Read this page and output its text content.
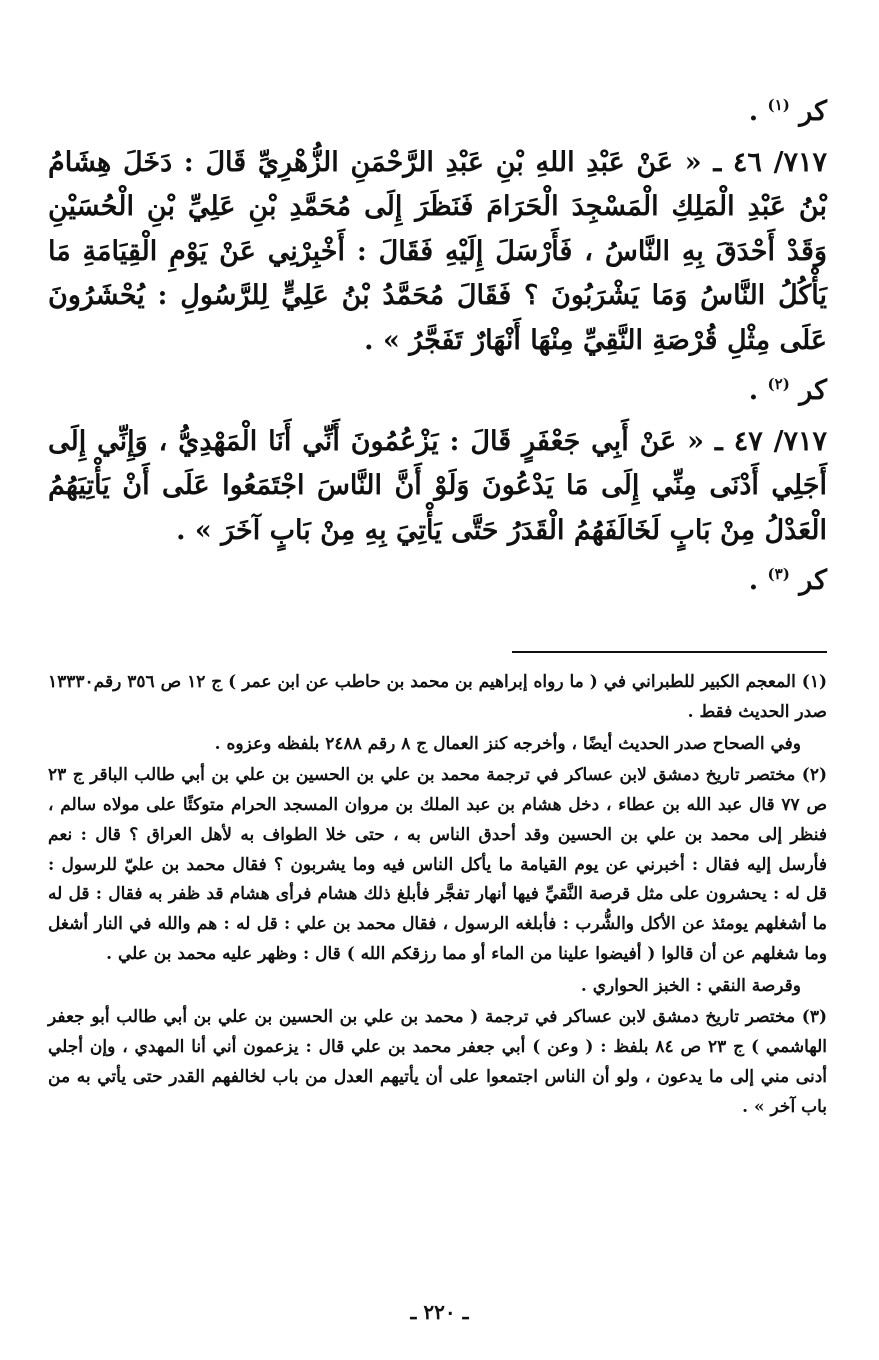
كر $^{(١)}$ .

٧١٧/ ٤٦ ـ « عَنْ عَبْدِ اللهِ بْنِ عَبْدِ الرَّحْمَنِ الزُّهْرِيِّ قَالَ : دَخَلَ هِشَامُ بْنُ عَبْدِ الْمَلِكِ الْمَسْجِدَ الْحَرَامَ فَنَظَرَ إِلَى مُحَمَّدِ بْنِ عَلِيِّ بْنِ الْحُسَيْنِ وَقَدْ أَحْدَقَ بِهِ النَّاسُ ، فَأَرْسَلَ إِلَيْهِ فَقَالَ : أَخْبِرْنِي عَنْ يَوْمِ الْقِيَامَةِ مَا يَأْكُلُ النَّاسُ وَمَا يَشْرَبُونَ ؟ فَقَالَ مُحَمَّدُ بْنُ عَلِيٍّ لِلرَّسُولِ : يُحْشَرُونَ عَلَى مِثْلِ قُرْصَةِ النَّقِيِّ مِنْهَا أَنْهَارٌ تَفَجَّرُ » .

كر $^{(٢)}$ .

٧١٧/ ٤٧ ـ « عَنْ أَبِي جَعْفَرٍ قَالَ : يَزْعُمُونَ أَنِّي أَنَا الْمَهْدِيُّ ، وَإِنِّي إِلَى أَجَلِي أَدْنَى مِنِّي إِلَى مَا يَدْعُونَ وَلَوْ أَنَّ النَّاسَ اجْتَمَعُوا عَلَى أَنْ يَأْتِيَهُمُ الْعَدْلُ مِنْ بَابٍ لَخَالَفَهُمُ الْقَدَرُ حَتَّى يَأْتِيَ بِهِ مِنْ بَابٍ آخَرَ » .

كر $^{(٣)}$ .

(١) المعجم الكبير للطبراني في ( ما رواه إبراهيم بن محمد بن حاطب عن ابن عمر ) ج ١٢ ص ٣٥٦ رقم١٣٣٣٠ صدر الحديث فقط .

وفي الصحاح صدر الحديث أيضًا ، وأخرجه كنز العمال ج ٨ رقم ٢٤٨٨ بلفظه وعزوه .

(٢) مختصر تاريخ دمشق لابن عساكر في ترجمة محمد بن علي بن الحسين بن علي بن أبي طالب الباقر ج ٢٣ ص ٧٧ قال عبد الله بن عطاء ، دخل هشام بن عبد الملك بن مروان المسجد الحرام متوكئًا على مولاه سالم ، فنظر إلى محمد بن علي بن الحسين وقد أحدق الناس به ، حتى خلا الطواف به لأهل العراق ؟ قال : نعم فأرسل إليه فقال : أخبرني عن يوم القيامة ما يأكل الناس فيه وما يشربون ؟ فقال محمد بن عليّ للرسول : قل له : يحشرون على مثل قرصة النَّقيِّ فيها أنهار تفجَّر فأبلغ ذلك هشام فرأى هشام قد ظفر به فقال : قل له ما أشغلهم يومئذ عن الأكل والشُّرب : فأبلغه الرسول ، فقال محمد بن علي : قل له : هم والله في النار أشغل وما شغلهم عن أن قالوا ( أفيضوا علينا من الماء أو مما رزقكم الله ) قال : وظهر عليه محمد بن علي .

وقرصة النقي : الخبز الحواري .

(٣) مختصر تاريخ دمشق لابن عساكر في ترجمة ( محمد بن علي بن الحسين بن علي بن أبي طالب أبو جعفر الهاشمي ) ج ٢٣ ص ٨٤ بلفظ : ( وعن ) أبي جعفر محمد بن علي قال : يزعمون أني أنا المهدي ، وإن أجلي أدنى مني إلى ما يدعون ، ولو أن الناس اجتمعوا على أن يأتيهم العدل من باب لخالفهم القدر حتى يأتي به من باب آخر » .

ـ ٢٢٠ ـ
